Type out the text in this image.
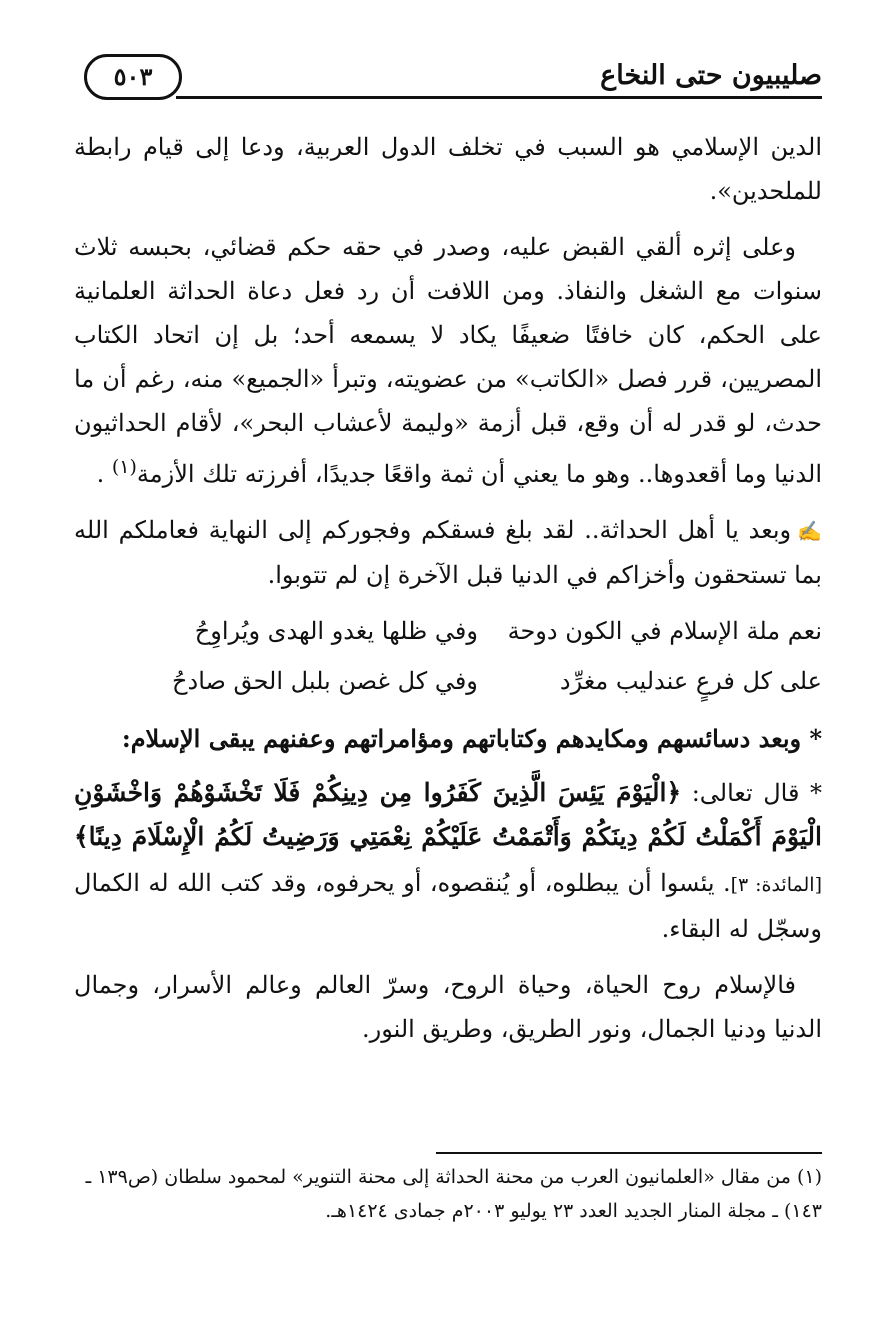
صليبيون حتى النخاع
٥٠٣

الدين الإسلامي هو السبب في تخلف الدول العربية، ودعا إلى قيام رابطة للملحدين».

وعلى إثره ألقي القبض عليه، وصدر في حقه حكم قضائي، بحبسه ثلاث سنوات مع الشغل والنفاذ. ومن اللافت أن رد فعل دعاة الحداثة العلمانية على الحكم، كان خافتًا ضعيفًا يكاد لا يسمعه أحد؛ بل إن اتحاد الكتاب المصريين، قرر فصل «الكاتب» من عضويته، وتبرأ «الجميع» منه، رغم أن ما حدث، لو قدر له أن وقع، قبل أزمة «وليمة لأعشاب البحر»، لأقام الحداثيون الدنيا وما أقعدوها.. وهو ما يعني أن ثمة واقعًا جديدًا، أفرزته تلك الأزمة$^{(١)}$ .

✍وبعد يا أهل الحداثة.. لقد بلغ فسقكم وفجوركم إلى النهاية فعاملكم الله بما تستحقون وأخزاكم في الدنيا قبل الآخرة إن لم تتوبوا.

نعم ملة الإسلام في الكون دوحة
وفي ظلها يغدو الهدى ويُراوِحُ
على كل فرعٍ عندليب مغرِّد
وفي كل غصن بلبل الحق صادحُ

* وبعد دسائسهم ومكايدهم وكتاباتهم ومؤامراتهم وعفنهم يبقى الإسلام:

* قال تعالى: ﴿الْيَوْمَ يَئِسَ الَّذِينَ كَفَرُوا مِن دِينِكُمْ فَلَا تَخْشَوْهُمْ وَاخْشَوْنِ الْيَوْمَ أَكْمَلْتُ لَكُمْ دِينَكُمْ وَأَتْمَمْتُ عَلَيْكُمْ نِعْمَتِي وَرَضِيتُ لَكُمُ الْإِسْلَامَ دِينًا﴾ [المائدة: ٣]. يئسوا أن يبطلوه، أو يُنقصوه، أو يحرفوه، وقد كتب الله له الكمال وسجّل له البقاء.

فالإسلام روح الحياة، وحياة الروح، وسرّ العالم وعالم الأسرار، وجمال الدنيا ودنيا الجمال، ونور الطريق، وطريق النور.

(١)من مقال «العلمانيون العرب من محنة الحداثة إلى محنة التنوير» لمحمود سلطان (ص١٣٩ ـ ١٤٣) ـ مجلة المنار الجديد العدد ٢٣ يوليو ٢٠٠٣م جمادى ١٤٢٤هـ.
